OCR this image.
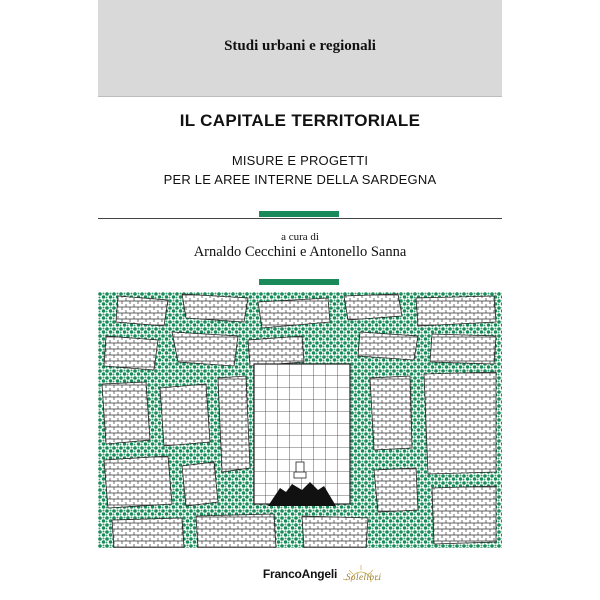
Studi urbani e regionali
IL CAPITALE TERRITORIALE
MISURE E PROGETTI
PER LE AREE INTERNE DELLA SARDEGNA
a cura di
Arnaldo Cecchini e Antonello Sanna
FrancoAngeli Solelibri
